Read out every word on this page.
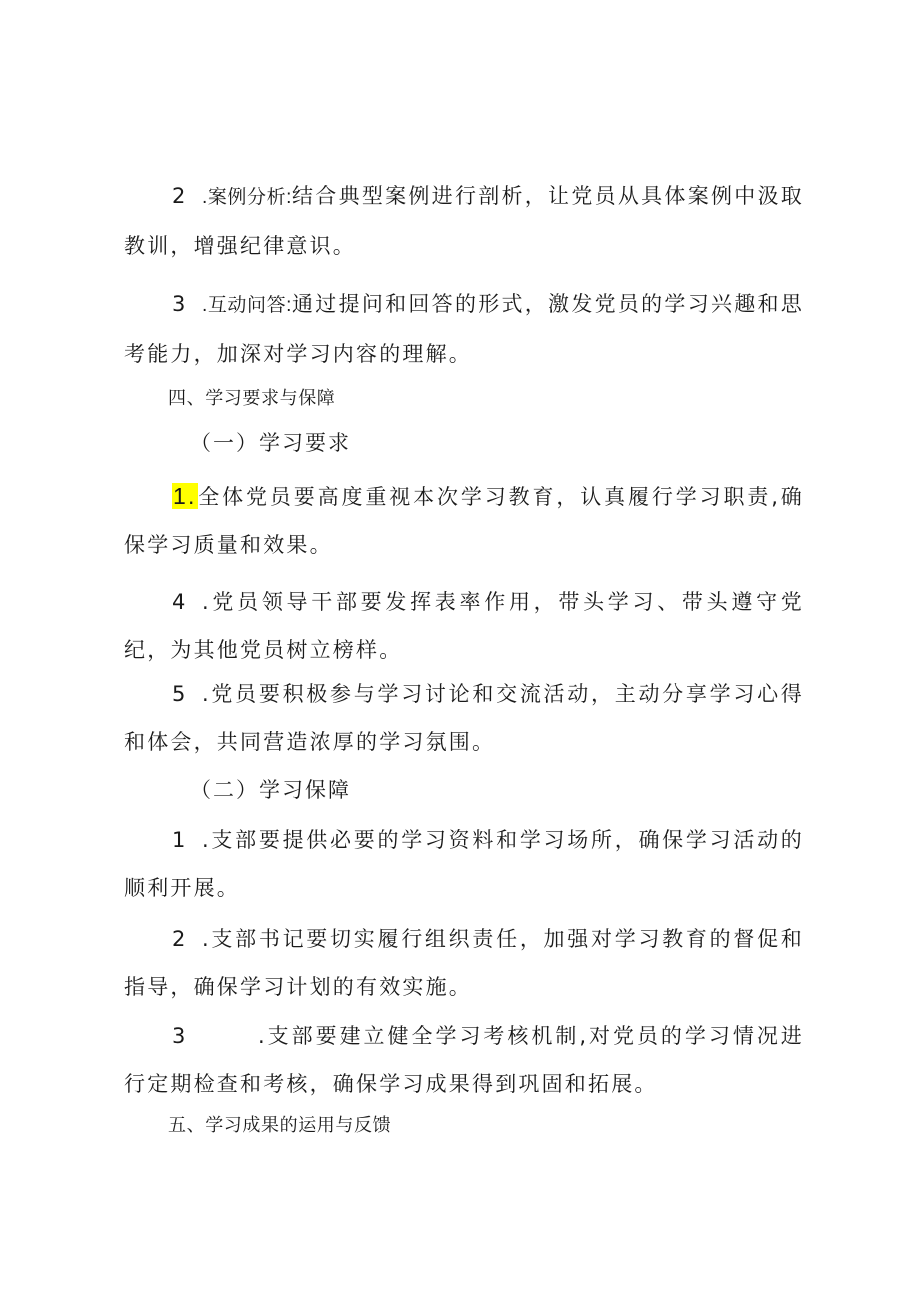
2 .案例分析:结合典型案例进行剖析，让党员从具体案例中汲取教训，增强纪律意识。

3 .互动问答:通过提问和回答的形式，激发党员的学习兴趣和思考能力，加深对学习内容的理解。

四、学习要求与保障

（一）学习要求

1.全体党员要高度重视本次学习教育，认真履行学习职责,确保学习质量和效果。

4 .党员领导干部要发挥表率作用，带头学习、带头遵守党纪，为其他党员树立榜样。

5 .党员要积极参与学习讨论和交流活动，主动分享学习心得和体会，共同营造浓厚的学习氛围。

（二）学习保障

1 .支部要提供必要的学习资料和学习场所，确保学习活动的顺利开展。

2 .支部书记要切实履行组织责任，加强对学习教育的督促和指导，确保学习计划的有效实施。

3	.支部要建立健全学习考核机制,对党员的学习情况进行定期检查和考核，确保学习成果得到巩固和拓展。

五、学习成果的运用与反馈
